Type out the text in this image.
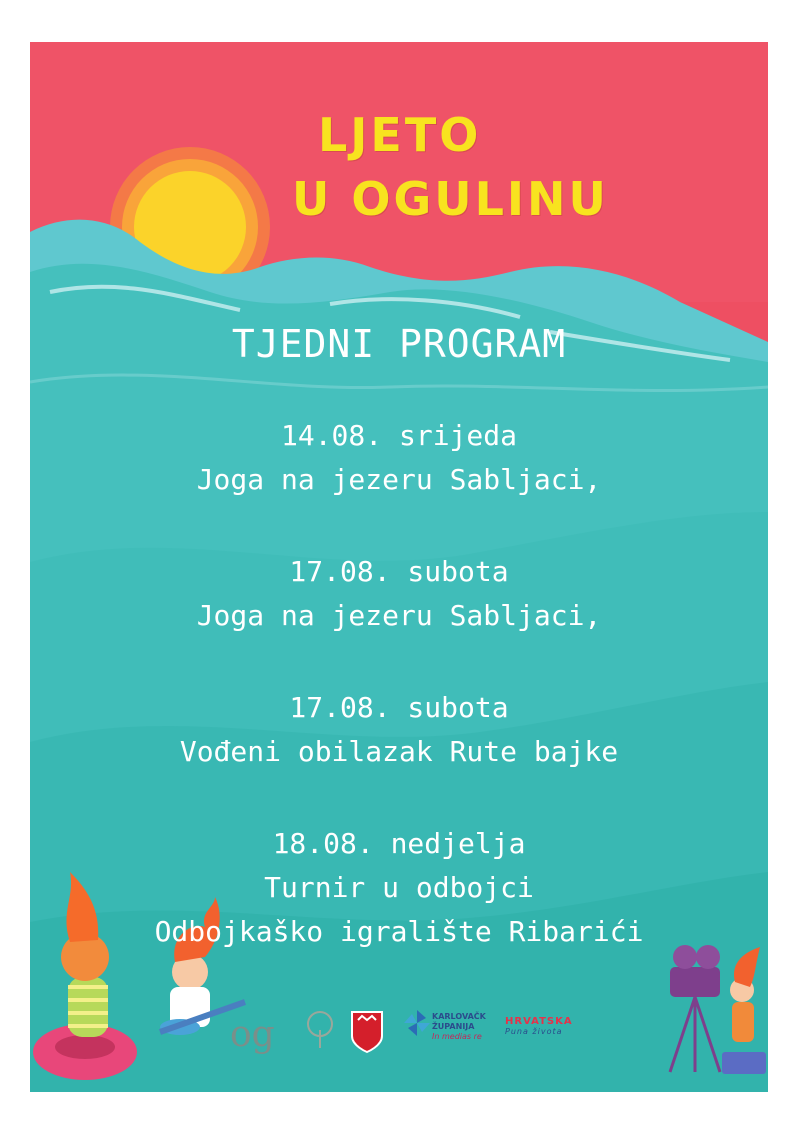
LJETO
U OGULINU
TJEDNI PROGRAM
14.08. srijeda
Joga na jezeru Sabljaci,
17.08. subota
Joga na jezeru Sabljaci,
17.08. subota
Vođeni obilazak Rute bajke
18.08. nedjelja
Turnir u odbojci
Odbojkaško igralište Ribarići
og	KARLOVAČK
ŽUPANIJA
In medias re
HRVATSKA
Puna života
